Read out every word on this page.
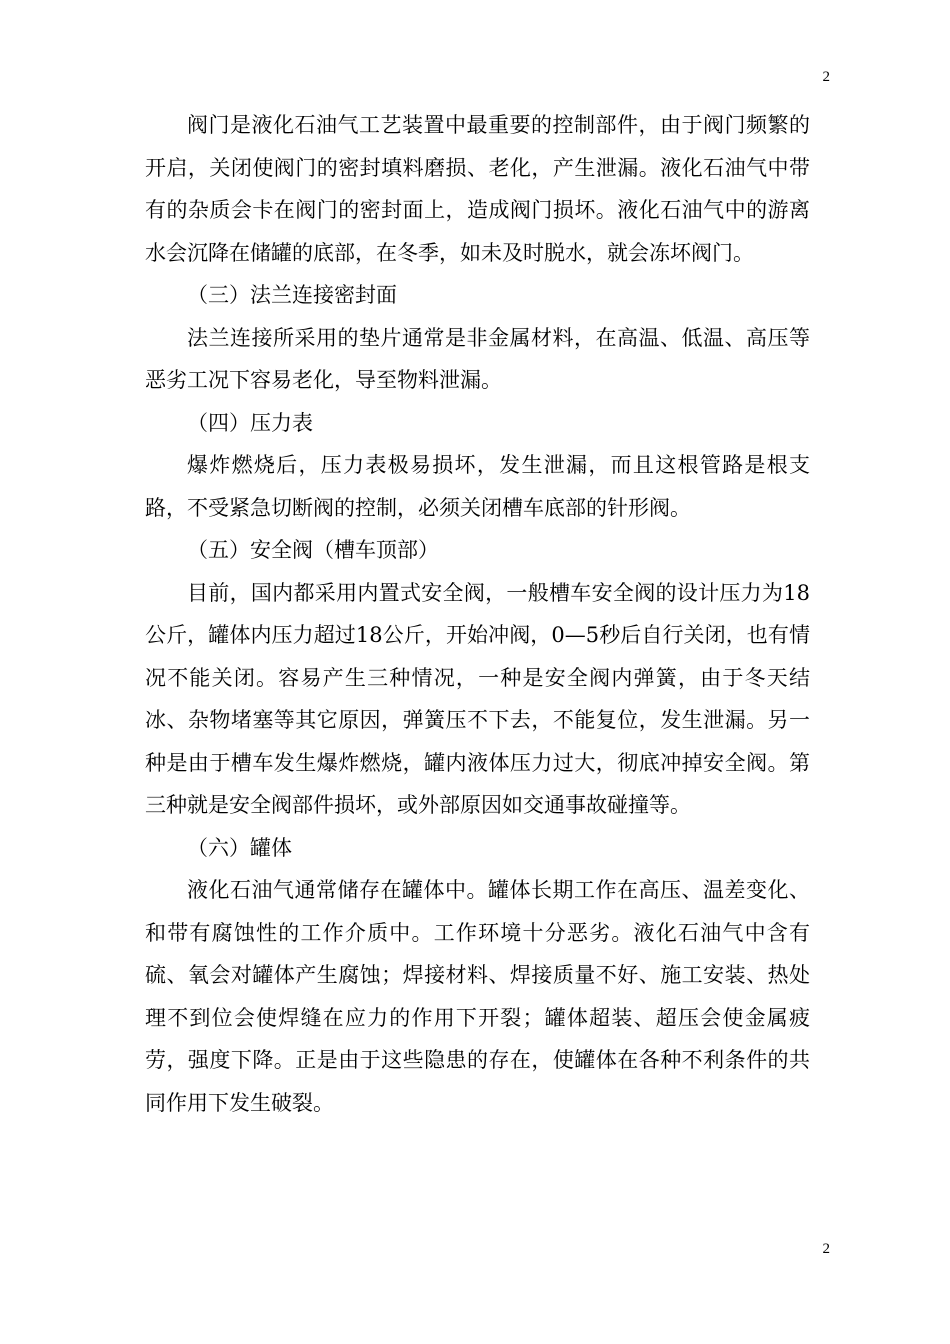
2

阀门是液化石油气工艺装置中最重要的控制部件，由于阀门频繁的开启，关闭使阀门的密封填料磨损、老化，产生泄漏。液化石油气中带有的杂质会卡在阀门的密封面上，造成阀门损坏。液化石油气中的游离水会沉降在储罐的底部，在冬季，如未及时脱水，就会冻坏阀门。

（三）法兰连接密封面

法兰连接所采用的垫片通常是非金属材料，在高温、低温、高压等恶劣工况下容易老化，导至物料泄漏。

（四）压力表

爆炸燃烧后，压力表极易损坏，发生泄漏，而且这根管路是根支路，不受紧急切断阀的控制，必须关闭槽车底部的针形阀。

（五）安全阀（槽车顶部）

目前，国内都采用内置式安全阀，一般槽车安全阀的设计压力为18公斤，罐体内压力超过18公斤，开始冲阀，0—5秒后自行关闭，也有情况不能关闭。容易产生三种情况，一种是安全阀内弹簧，由于冬天结冰、杂物堵塞等其它原因，弹簧压不下去，不能复位，发生泄漏。另一种是由于槽车发生爆炸燃烧，罐内液体压力过大，彻底冲掉安全阀。第三种就是安全阀部件损坏，或外部原因如交通事故碰撞等。

（六）罐体

液化石油气通常储存在罐体中。罐体长期工作在高压、温差变化、和带有腐蚀性的工作介质中。工作环境十分恶劣。液化石油气中含有硫、氧会对罐体产生腐蚀；焊接材料、焊接质量不好、施工安装、热处理不到位会使焊缝在应力的作用下开裂；罐体超装、超压会使金属疲劳，强度下降。正是由于这些隐患的存在，使罐体在各种不利条件的共同作用下发生破裂。

2
